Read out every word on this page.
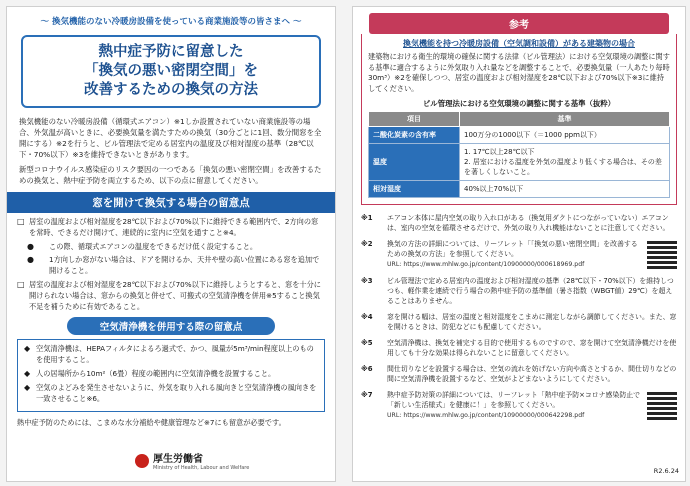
〜 換気機能のない冷暖房設備を使っている商業施設等の皆さまへ 〜
熱中症予防に留意した
「換気の悪い密閉空間」を
改善するための換気の方法

換気機能のない冷暖房設備（循環式エアコン）※1しか設置されていない商業施設等の場合、外気温が高いときに、必要換気量を満たすための換気（30分ごとに1回、数分間窓を全開にする）※2を行うと、ビル管理法で定める居室内の温度及び相対湿度の基準（28℃以下・70%以下）※3を維持できないときがあります。

新型コロナウイルス感染症のリスク要因の一つである「換気の悪い密閉空間」を改善するための換気と、熱中症予防を両立するため、以下の点に留意してください。

窓を開けて換気する場合の留意点
□ 居室の温度および相対湿度を28℃以下および70%以下に維持できる範囲内で、2方向の窓を常時、できるだけ開けて、連続的に室内に空気を通すこと※4。
●	この際、循環式エアコンの温度をできるだけ低く設定すること。
●	1方向しか窓がない場合は、ドアを開けるか、天井や壁の高い位置にある窓を追加で開けること。
□ 居室の温度および相対湿度を28℃以下および70%以下に維持しようとすると、窓を十分に開けられない場合は、窓からの換気と併せて、可搬式の空気清浄機を併用※5すること換気不足を補うために有効であること。
空気清浄機を併用する際の留意点
◆ 空気清浄機は、HEPAフィルタによるろ過式で、かつ、風量が5m³/min程度以上のものを使用すること。
◆ 人の居場所から10m²（6畳）程度の範囲内に空気清浄機を設置すること。
◆ 空気のよどみを発生させないように、外気を取り入れる風向きと空気清浄機の風向きを一致させること※6。
熱中症予防のためには、こまめな水分補給や健康管理など※7にも留意が必要です。
厚生労働省
Ministry of Health, Labour and Welfare
参考
換気機能を持つ冷暖房設備（空気調和設備）がある建築物の場合
建築物における衛生的環境の確保に関する法律（ビル管理法）における空気環境の調整に関する基準に適合するように外気取り入れ量などを調整することで、必要換気量（一人あたり毎時30m³）※2を確保しつつ、居室の温度および相対湿度を28℃以下および70%以下※3に維持してください。
ビル管理法における空気環境の調整に関する基準（抜粋）
項目	基準
二酸化炭素の含有率	100万分の1000以下（＝1000 ppm以下）
温度	1. 17℃以上28℃以下
2. 居室における温度を外気の温度より低くする場合は、その差を著しくしないこと。
相対湿度	40%以上70%以下
※1	エアコン本体に屋内空気の取り入れ口がある（換気用ダクトにつながっていない）エアコンは、室内の空気を循環させるだけで、外気の取り入れ機能はないことに注意してください。
※2	換気の方法の詳細については、リーフレット「「換気の悪い密閉空間」を改善するための換気の方法」を参照してください。
URL: https://www.mhlw.go.jp/content/10900000/000618969.pdf
※3	ビル管理法で定める居室内の温度および相対湿度の基準（28℃以下・70%以下）を維持しつつも、軽作業を連続で行う場合の熱中症予防の基準値（暑さ指数（WBGT値）29℃）を超えることはありません。
※4	窓を開ける幅は、居室の温度と相対湿度をこまめに測定しながら調節してください。また、窓を開けるときは、防犯などにも配慮してください。
※5	空気清浄機は、換気を補完する目的で使用するものですので、窓を開けて空気清浄機だけを使用しても十分な効果は得られないことに留意してください。
※6	間仕切りなどを設置する場合は、空気の流れを妨げない方向や高さとするか、間仕切りなどの間に空気清浄機を設置するなど、空気がよどまないようにしてください。
※7	熱中症予防対策の詳細については、リーフレット「熱中症予防×コロナ感染防止で「新しい生活様式」を健康に！」を参照してください。
URL: https://www.mhlw.go.jp/content/10900000/000642298.pdf
R2.6.24
